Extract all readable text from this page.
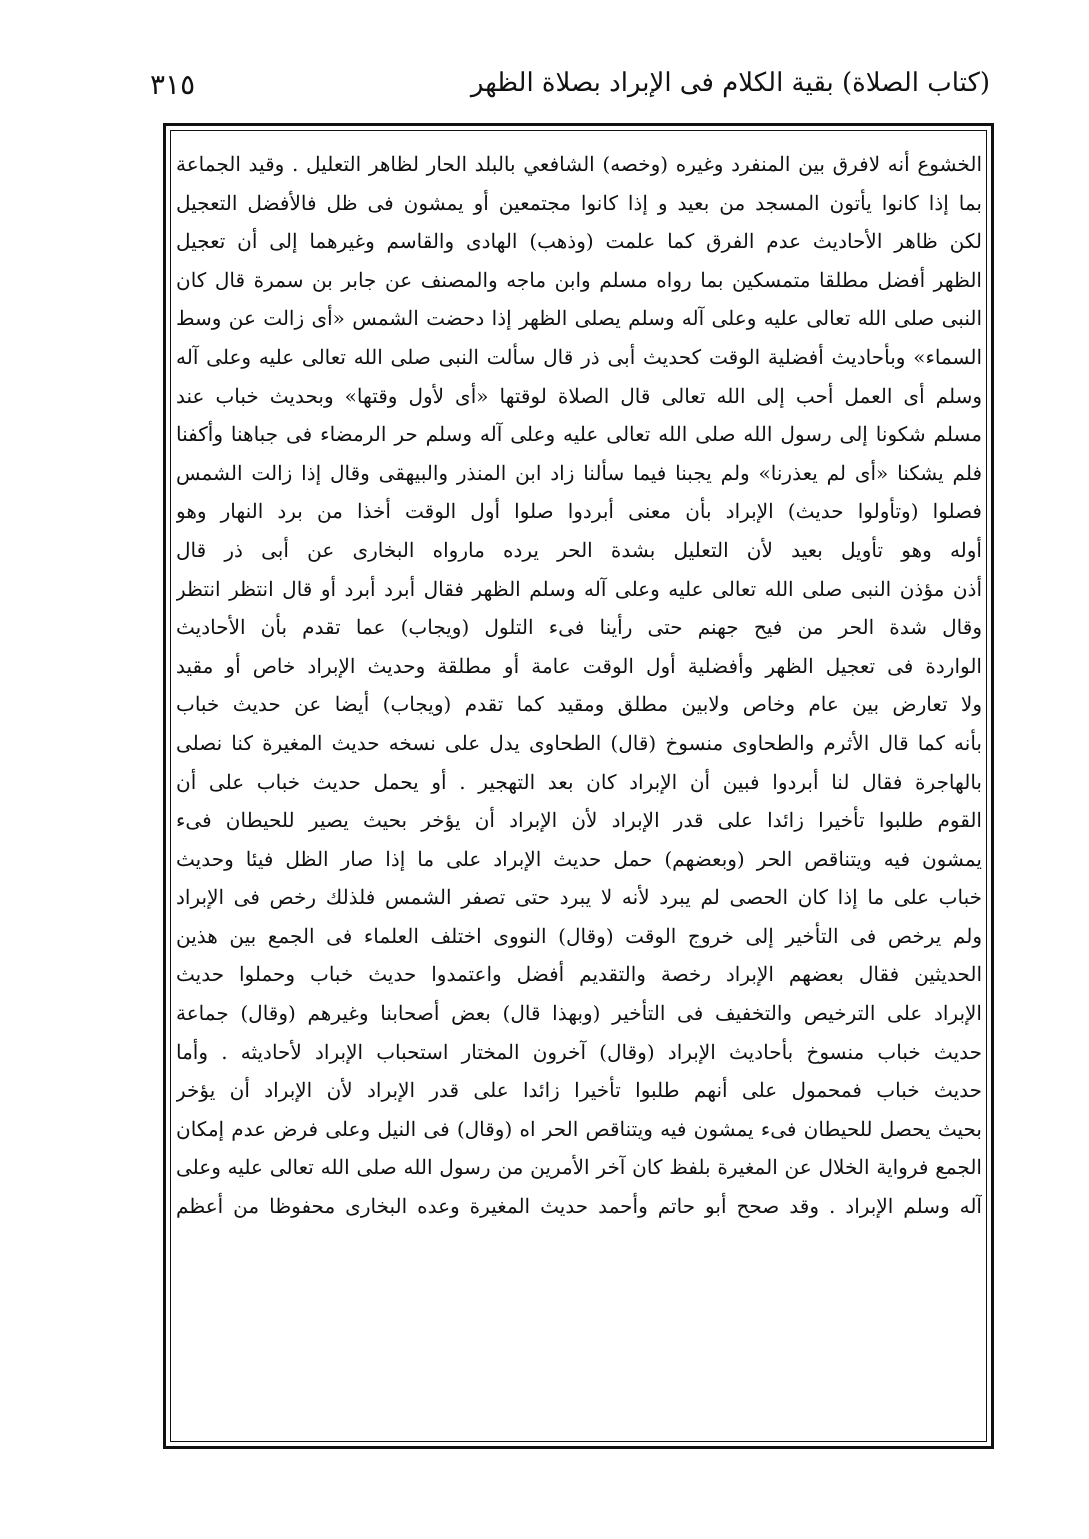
(كتاب الصلاة) بقية الكلام فى الإبراد بصلاة الظهر
٣١٥
الخشوع أنه لافرق بين المنفرد وغيره (وخصه) الشافعي بالبلد الحار لظاهر التعليل . وقيد الجماعة
بما إذا كانوا يأتون المسجد من بعيد و إذا كانوا مجتمعين أو يمشون فى ظل فالأفضل التعجيل
لكن ظاهر الأحاديث عدم الفرق كما علمت (وذهب) الهادى والقاسم وغيرهما إلى أن تعجيل
الظهر أفضل مطلقا متمسكين بما رواه مسلم وابن ماجه والمصنف عن جابر بن سمرة قال كان
النبى صلى الله تعالى عليه وعلى آله وسلم يصلى الظهر إذا دحضت الشمس «أى زالت عن وسط
السماء» وبأحاديث أفضلية الوقت كحديث أبى ذر قال سألت النبى صلى الله تعالى عليه وعلى آله
وسلم أى العمل أحب إلى الله تعالى قال الصلاة لوقتها «أى لأول وقتها» وبحديث خباب عند
مسلم شكونا إلى رسول الله صلى الله تعالى عليه وعلى آله وسلم حر الرمضاء فى جباهنا وأكفنا
فلم يشكنا «أى لم يعذرنا» ولم يجبنا فيما سألنا زاد ابن المنذر والبيهقى وقال إذا زالت الشمس
فصلوا (وتأولوا حديث) الإبراد بأن معنى أبردوا صلوا أول الوقت أخذا من برد النهار وهو
أوله وهو تأويل بعيد لأن التعليل بشدة الحر يرده مارواه البخارى عن أبى ذر قال
أذن مؤذن النبى صلى الله تعالى عليه وعلى آله وسلم الظهر فقال أبرد أبرد أو قال انتظر انتظر
وقال شدة الحر من فيح جهنم حتى رأينا فىء التلول (ويجاب) عما تقدم بأن الأحاديث
الواردة فى تعجيل الظهر وأفضلية أول الوقت عامة أو مطلقة وحديث الإبراد خاص أو مقيد
ولا تعارض بين عام وخاص ولابين مطلق ومقيد كما تقدم (ويجاب) أيضا عن حديث خباب
بأنه كما قال الأثرم والطحاوى منسوخ (قال) الطحاوى يدل على نسخه حديث المغيرة كنا نصلى
بالهاجرة فقال لنا أبردوا فبين أن الإبراد كان بعد التهجير . أو يحمل حديث خباب على أن
القوم طلبوا تأخيرا زائدا على قدر الإبراد لأن الإبراد أن يؤخر بحيث يصير للحيطان فىء
يمشون فيه ويتناقص الحر (وبعضهم) حمل حديث الإبراد على ما إذا صار الظل فيئا وحديث
خباب على ما إذا كان الحصى لم يبرد لأنه لا يبرد حتى تصفر الشمس فلذلك رخص فى الإبراد
ولم يرخص فى التأخير إلى خروج الوقت (وقال) النووى اختلف العلماء فى الجمع بين هذين
الحديثين فقال بعضهم الإبراد رخصة والتقديم أفضل واعتمدوا حديث خباب وحملوا حديث
الإبراد على الترخيص والتخفيف فى التأخير (وبهذا قال) بعض أصحابنا وغيرهم (وقال) جماعة
حديث خباب منسوخ بأحاديث الإبراد (وقال) آخرون المختار استحباب الإبراد لأحاديثه . وأما
حديث خباب فمحمول على أنهم طلبوا تأخيرا زائدا على قدر الإبراد لأن الإبراد أن يؤخر
بحيث يحصل للحيطان فىء يمشون فيه ويتناقص الحر اه (وقال) فى النيل وعلى فرض عدم إمكان
الجمع فرواية الخلال عن المغيرة بلفظ كان آخر الأمرين من رسول الله صلى الله تعالى عليه وعلى
آله وسلم الإبراد . وقد صحح أبو حاتم وأحمد حديث المغيرة وعده البخارى محفوظا من أعظم
